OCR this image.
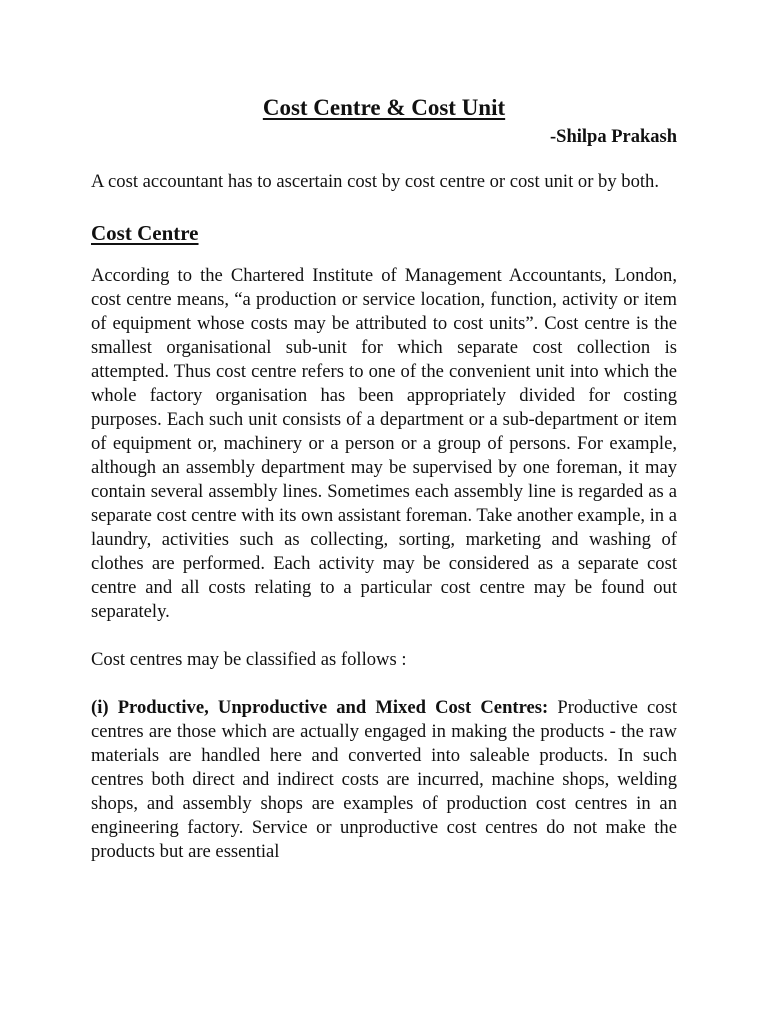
Cost Centre & Cost Unit

-Shilpa Prakash

A cost accountant has to ascertain cost by cost centre or cost unit or by both.

Cost Centre

According to the Chartered Institute of Management Accountants, London, cost centre means, “a production or service location, function, activity or item of equipment whose costs may be attributed to cost units”. Cost centre is the smallest organisational sub-unit for which separate cost collection is attempted. Thus cost centre refers to one of the convenient unit into which the whole factory organisation has been appropriately divided for costing purposes. Each such unit consists of a department or a sub-department or item of equipment or, machinery or a person or a group of persons. For example, although an assembly department may be supervised by one foreman, it may contain several assembly lines. Sometimes each assembly line is regarded as a separate cost centre with its own assistant foreman. Take another example, in a laundry, activities such as collecting, sorting, marketing and washing of clothes are performed. Each activity may be considered as a separate cost centre and all costs relating to a particular cost centre may be found out separately.

Cost centres may be classified as follows :

(i) Productive, Unproductive and Mixed Cost Centres: Productive cost centres are those which are actually engaged in making the products - the raw materials are handled here and converted into saleable products. In such centres both direct and indirect costs are incurred, machine shops, welding shops, and assembly shops are examples of production cost centres in an engineering factory. Service or unproductive cost centres do not make the products but are essential
